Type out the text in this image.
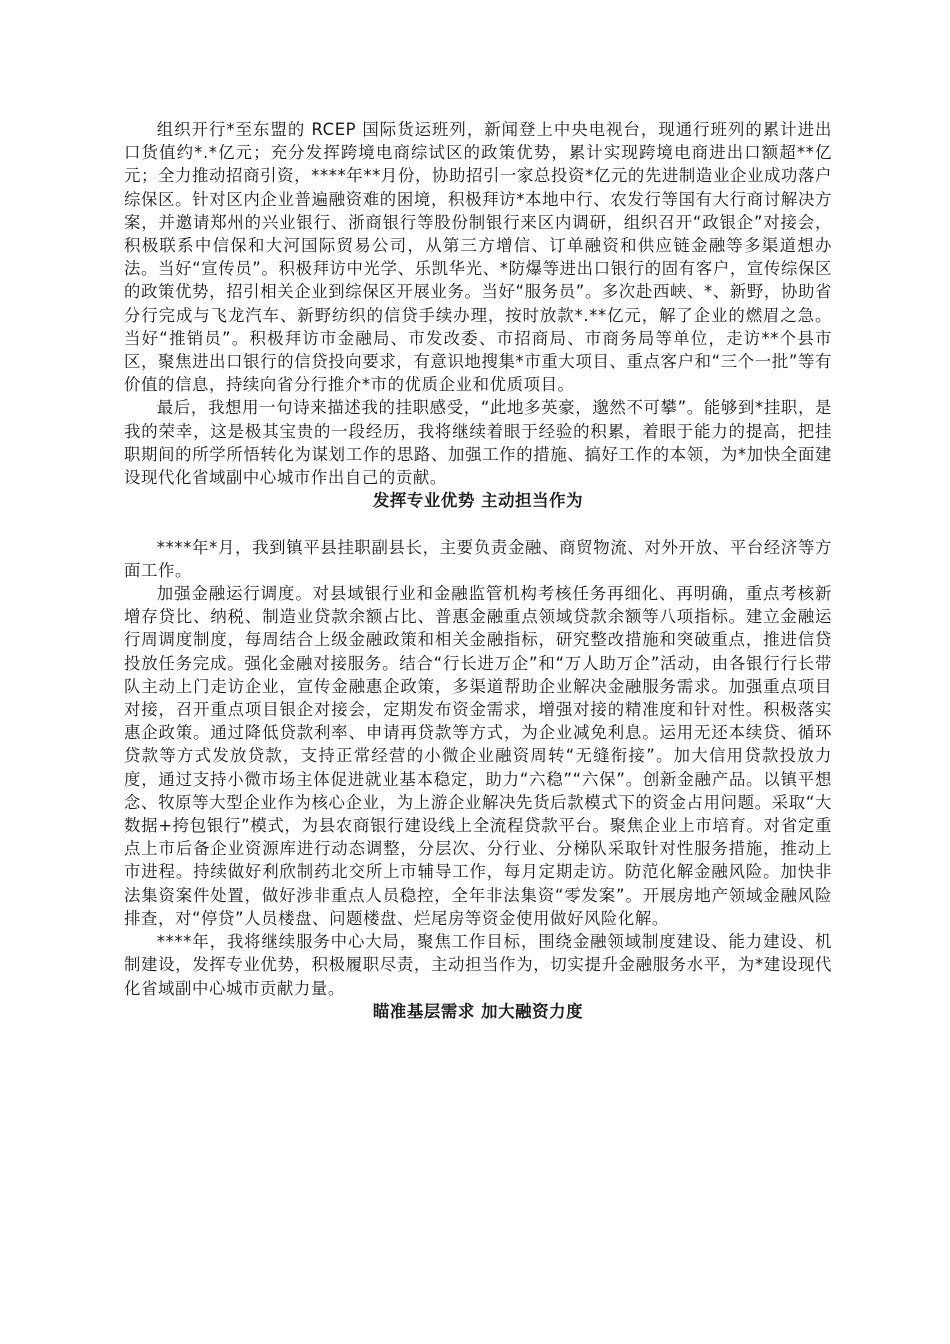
组织开行*至东盟的 RCEP 国际货运班列，新闻登上中央电视台，现通行班列的累计进出口货值约*.*亿元；充分发挥跨境电商综试区的政策优势，累计实现跨境电商进出口额超**亿元；全力推动招商引资，****年**月份，协助招引一家总投资*亿元的先进制造业企业成功落户综保区。针对区内企业普遍融资难的困境，积极拜访*本地中行、农发行等国有大行商讨解决方案，并邀请郑州的兴业银行、浙商银行等股份制银行来区内调研，组织召开“政银企”对接会，积极联系中信保和大河国际贸易公司，从第三方增信、订单融资和供应链金融等多渠道想办法。当好“宣传员”。积极拜访中光学、乐凯华光、*防爆等进出口银行的固有客户，宣传综保区的政策优势，招引相关企业到综保区开展业务。当好“服务员”。多次赴西峡、*、新野，协助省分行完成与飞龙汽车、新野纺织的信贷手续办理，按时放款*.**亿元，解了企业的燃眉之急。当好“推销员”。积极拜访市金融局、市发改委、市招商局、市商务局等单位，走访**个县市区，聚焦进出口银行的信贷投向要求，有意识地搜集*市重大项目、重点客户和“三个一批”等有价值的信息，持续向省分行推介*市的优质企业和优质项目。

最后，我想用一句诗来描述我的挂职感受，“此地多英豪，邈然不可攀”。能够到*挂职，是我的荣幸，这是极其宝贵的一段经历，我将继续着眼于经验的积累，着眼于能力的提高，把挂职期间的所学所悟转化为谋划工作的思路、加强工作的措施、搞好工作的本领，为*加快全面建设现代化省域副中心城市作出自己的贡献。

发挥专业优势 主动担当作为

****年*月，我到镇平县挂职副县长，主要负责金融、商贸物流、对外开放、平台经济等方面工作。

加强金融运行调度。对县域银行业和金融监管机构考核任务再细化、再明确，重点考核新增存贷比、纳税、制造业贷款余额占比、普惠金融重点领域贷款余额等八项指标。建立金融运行周调度制度，每周结合上级金融政策和相关金融指标，研究整改措施和突破重点，推进信贷投放任务完成。强化金融对接服务。结合“行长进万企”和“万人助万企”活动，由各银行行长带队主动上门走访企业，宣传金融惠企政策，多渠道帮助企业解决金融服务需求。加强重点项目对接，召开重点项目银企对接会，定期发布资金需求，增强对接的精准度和针对性。积极落实惠企政策。通过降低贷款利率、申请再贷款等方式，为企业减免利息。运用无还本续贷、循环贷款等方式发放贷款，支持正常经营的小微企业融资周转“无缝衔接”。加大信用贷款投放力度，通过支持小微市场主体促进就业基本稳定，助力“六稳”“六保”。创新金融产品。以镇平想念、牧原等大型企业作为核心企业，为上游企业解决先货后款模式下的资金占用问题。采取“大数据+挎包银行”模式，为县农商银行建设线上全流程贷款平台。聚焦企业上市培育。对省定重点上市后备企业资源库进行动态调整，分层次、分行业、分梯队采取针对性服务措施，推动上市进程。持续做好利欣制药北交所上市辅导工作，每月定期走访。防范化解金融风险。加快非法集资案件处置，做好涉非重点人员稳控，全年非法集资“零发案”。开展房地产领域金融风险排查，对“停贷”人员楼盘、问题楼盘、烂尾房等资金使用做好风险化解。

****年，我将继续服务中心大局，聚焦工作目标，围绕金融领域制度建设、能力建设、机制建设，发挥专业优势，积极履职尽责，主动担当作为，切实提升金融服务水平，为*建设现代化省域副中心城市贡献力量。

瞄准基层需求 加大融资力度
